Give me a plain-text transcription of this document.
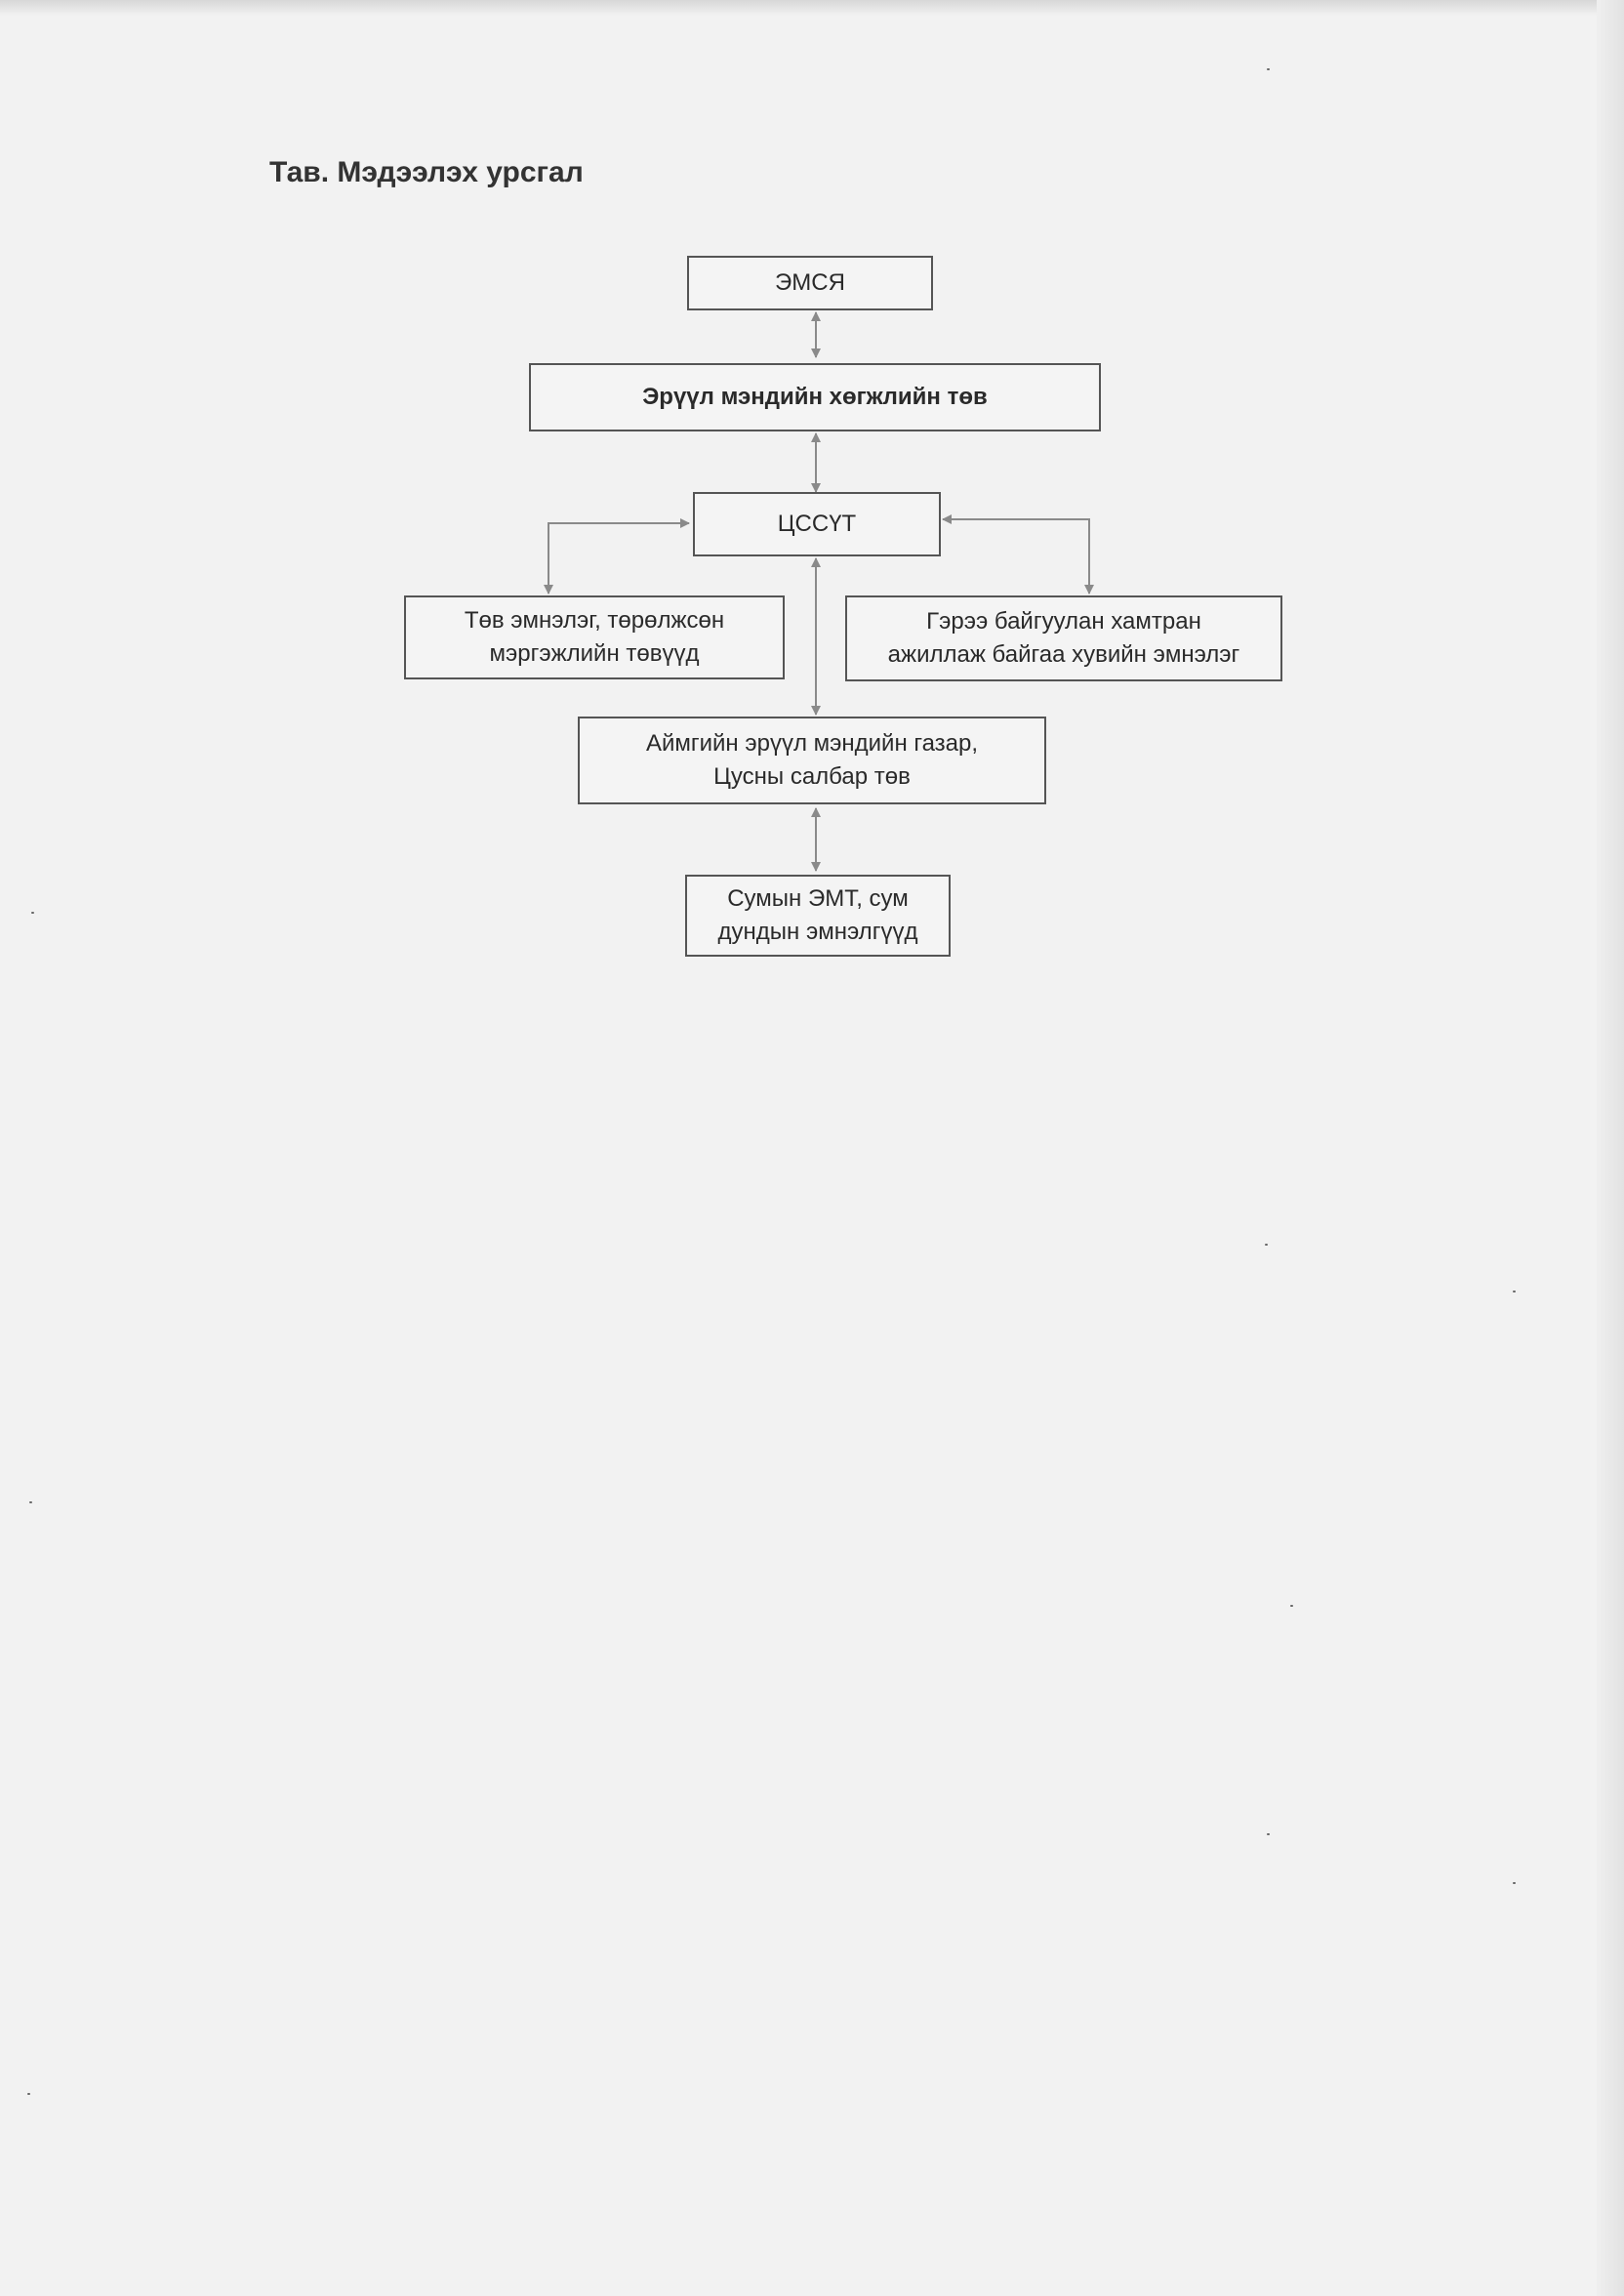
Тав. Мэдээлэх урсгал
ЭМСЯ
Эрүүл мэндийн хөгжлийн төв
ЦССҮТ
Төв эмнэлэг, төрөлжсөн
мэргэжлийн төвүүд
Гэрээ байгуулан хамтран
ажиллаж байгаа хувийн эмнэлэг
Аймгийн эрүүл мэндийн газар,
Цусны салбар төв
Сумын ЭМТ, сум
дундын эмнэлгүүд
